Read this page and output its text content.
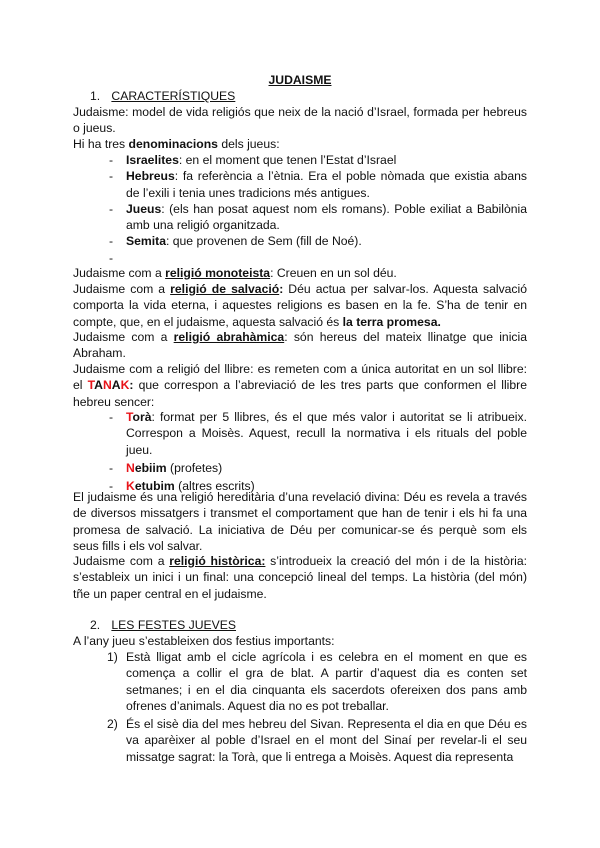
JUDAISME
1. CARACTERÍSTIQUES
Judaisme: model de vida religiós que neix de la nació d’Israel, formada per hebreus o jueus.
Hi ha tres denominacions dels jueus:
- Israelites: en el moment que tenen l’Estat d’Israel
- Hebreus: fa referència a l’ètnia. Era el poble nòmada que existia abans de l’exili i tenia unes tradicions més antigues.
- Jueus: (els han posat aquest nom els romans). Poble exiliat a Babilònia amb una religió organitzada.
- Semita: que provenen de Sem (fill de Noé).
-

Judaisme com a religió monoteista: Creuen en un sol déu.
Judaisme com a religió de salvació: Déu actua per salvar-los. Aquesta salvació comporta la vida eterna, i aquestes religions es basen en la fe. S’ha de tenir en compte, que, en el judaisme, aquesta salvació és la terra promesa.
Judaisme com a religió abrahàmica: són hereus del mateix llinatge que inicia Abraham.
Judaisme com a religió del llibre: es remeten com a única autoritat en un sol llibre: el TANAK: que correspon a l’abreviació de les tres parts que conformen el llibre hebreu sencer:
- Torà: format per 5 llibres, és el que més valor i autoritat se li atribueix. Correspon a Moisès. Aquest, recull la normativa i els rituals del poble jueu.
- Nebiim (profetes)
- Ketubim (altres escrits)
El judaisme és una religió hereditària d’una revelació divina: Déu es revela a través de diversos missatgers i transmet el comportament que han de tenir i els hi fa una promesa de salvació. La iniciativa de Déu per comunicar-se és perquè som els seus fills i els vol salvar.
Judaisme com a religió històrica: s’introdueix la creació del món i de la història: s’estableix un inici i un final: una concepció lineal del temps. La història (del món) tñe un paper central en el judaisme.
2. LES FESTES JUEVES
A l’any jueu s’estableixen dos festius importants:
1) Està lligat amb el cicle agrícola i es celebra en el moment en que es comença a collir el gra de blat. A partir d’aquest dia es conten set setmanes; i en el dia cinquanta els sacerdots ofereixen dos pans amb ofrenes d’animals. Aquest dia no es pot treballar.
2) És el sisè dia del mes hebreu del Sivan. Representa el dia en que Déu es va aparèixer al poble d’Israel en el mont del Sinaí per revelar-li el seu missatge sagrat: la Torà, que li entrega a Moisès. Aquest dia representa
